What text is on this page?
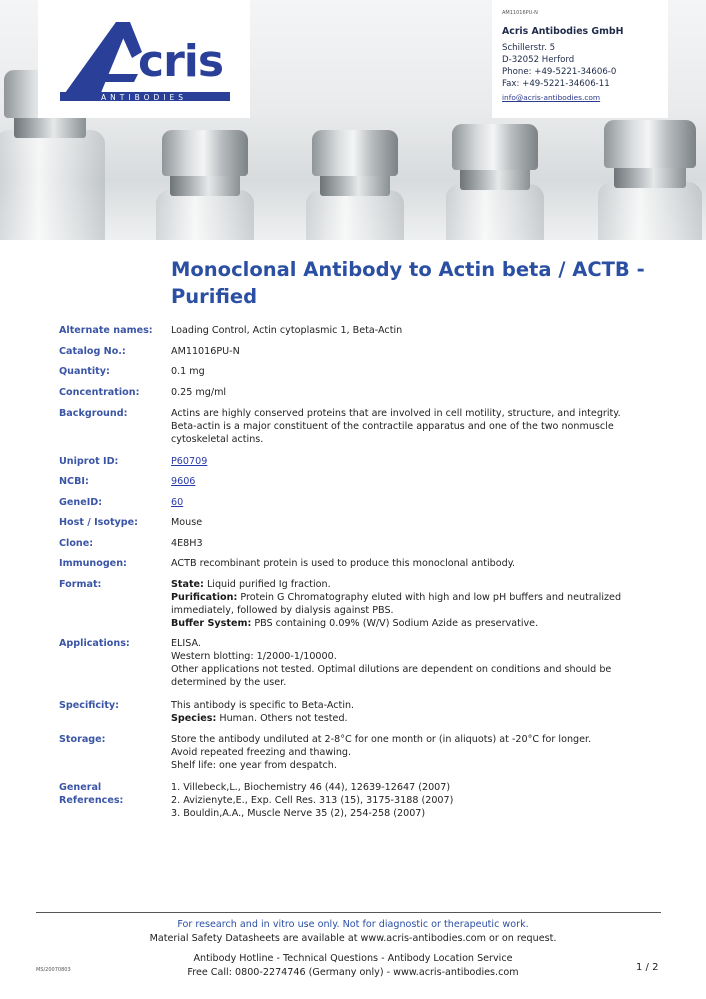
cris
ANTIBODIES
AM11016PU-N
Acris Antibodies GmbH
Schillerstr. 5
D-32052 Herford
Phone: +49-5221-34606-0
Fax: +49-5221-34606-11
info@acris-antibodies.com
Monoclonal Antibody to Actin beta / ACTB - Purified
Alternate names: Loading Control, Actin cytoplasmic 1, Beta-Actin
Catalog No.:	AM11016PU-N
Quantity:	0.1 mg
Concentration:	0.25 mg/ml
Background:	Actins are highly conserved proteins that are involved in cell motility, structure, and integrity.
Beta-actin is a major constituent of the contractile apparatus and one of the two nonmuscle
cytoskeletal actins.
Uniprot ID:	P60709
NCBI:	9606
GeneID:	60
Host / Isotype:	Mouse
Clone:	4E8H3
Immunogen:	ACTB recombinant protein is used to produce this monoclonal antibody.
Format:	State: Liquid purified Ig fraction.
Purification: Protein G Chromatography eluted with high and low pH buffers and neutralized
immediately, followed by dialysis against PBS.
Buffer System: PBS containing 0.09% (W/V) Sodium Azide as preservative.
Applications:	ELISA.
Western blotting: 1/2000-1/10000.
Other applications not tested. Optimal dilutions are dependent on conditions and should be
determined by the user.
Specificity:	This antibody is specific to Beta-Actin.
Species: Human. Others not tested.
Storage:	Store the antibody undiluted at 2-8°C for one month or (in aliquots) at -20°C for longer.
Avoid repeated freezing and thawing.
Shelf life: one year from despatch.
General
References:
1. Villebeck,L., Biochemistry 46 (44), 12639-12647 (2007)
2. Avizienyte,E., Exp. Cell Res. 313 (15), 3175-3188 (2007)
3. Bouldin,A.A., Muscle Nerve 35 (2), 254-258 (2007)
For research and in vitro use only. Not for diagnostic or therapeutic work.
Material Safety Datasheets are available at www.acris-antibodies.com or on request.
Antibody Hotline - Technical Questions - Antibody Location Service
Free Call: 0800-2274746 (Germany only) - www.acris-antibodies.com
MS/20070803	1 / 2
